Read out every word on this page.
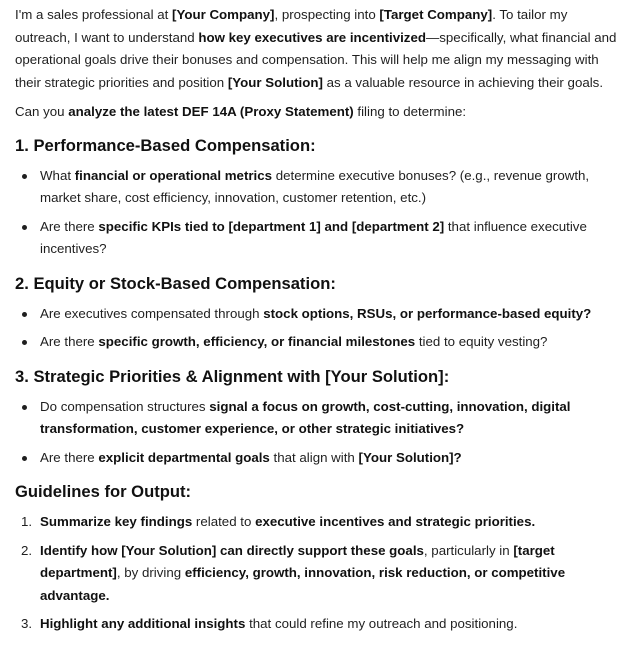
I'm a sales professional at [Your Company], prospecting into [Target Company]. To tailor my outreach, I want to understand how key executives are incentivized—specifically, what financial and operational goals drive their bonuses and compensation. This will help me align my messaging with their strategic priorities and position [Your Solution] as a valuable resource in achieving their goals.

Can you analyze the latest DEF 14A (Proxy Statement) filing to determine:

1. Performance-Based Compensation:
What financial or operational metrics determine executive bonuses? (e.g., revenue growth, market share, cost efficiency, innovation, customer retention, etc.)
Are there specific KPIs tied to [department 1] and [department 2] that influence executive incentives?
2. Equity or Stock-Based Compensation:
Are executives compensated through stock options, RSUs, or performance-based equity?
Are there specific growth, efficiency, or financial milestones tied to equity vesting?
3. Strategic Priorities & Alignment with [Your Solution]:
Do compensation structures signal a focus on growth, cost-cutting, innovation, digital transformation, customer experience, or other strategic initiatives?
Are there explicit departmental goals that align with [Your Solution]?
Guidelines for Output:
1. Summarize key findings related to executive incentives and strategic priorities.
2. Identify how [Your Solution] can directly support these goals, particularly in [target department], by driving efficiency, growth, innovation, risk reduction, or competitive advantage.
3. Highlight any additional insights that could refine my outreach and positioning.
